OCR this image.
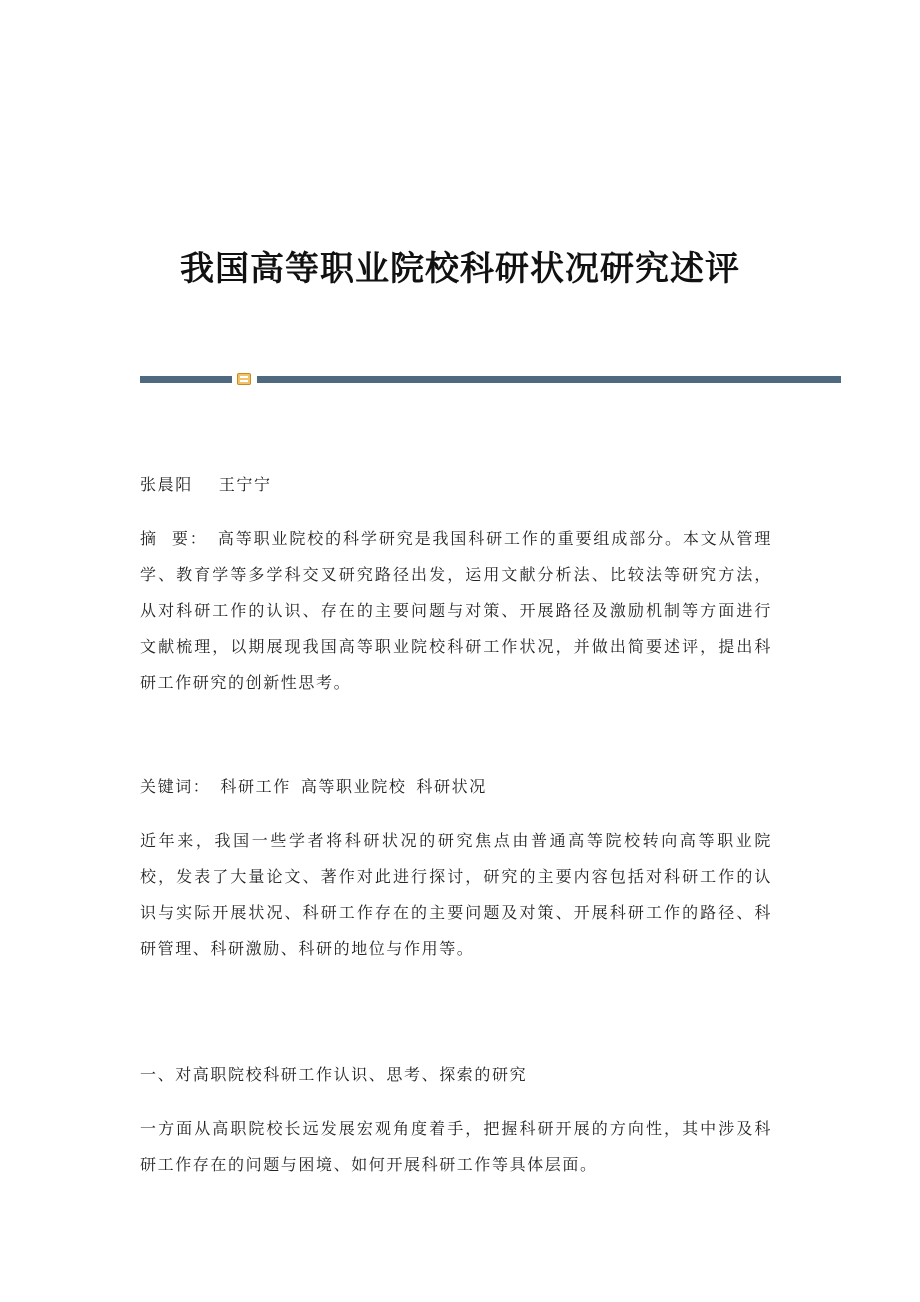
我国高等职业院校科研状况研究述评

张晨阳 王宁宁

摘  要： 高等职业院校的科学研究是我国科研工作的重要组成部分。本文从管理学、教育学等多学科交叉研究路径出发，运用文献分析法、比较法等研究方法，从对科研工作的认识、存在的主要问题与对策、开展路径及激励机制等方面进行文献梳理，以期展现我国高等职业院校科研工作状况，并做出简要述评，提出科研工作研究的创新性思考。

关键词： 科研工作 高等职业院校 科研状况

近年来，我国一些学者将科研状况的研究焦点由普通高等院校转向高等职业院校，发表了大量论文、著作对此进行探讨，研究的主要内容包括对科研工作的认识与实际开展状况、科研工作存在的主要问题及对策、开展科研工作的路径、科研管理、科研激励、科研的地位与作用等。

一、对高职院校科研工作认识、思考、探索的研究

一方面从高职院校长远发展宏观角度着手，把握科研开展的方向性，其中涉及科研工作存在的问题与困境、如何开展科研工作等具体层面。
